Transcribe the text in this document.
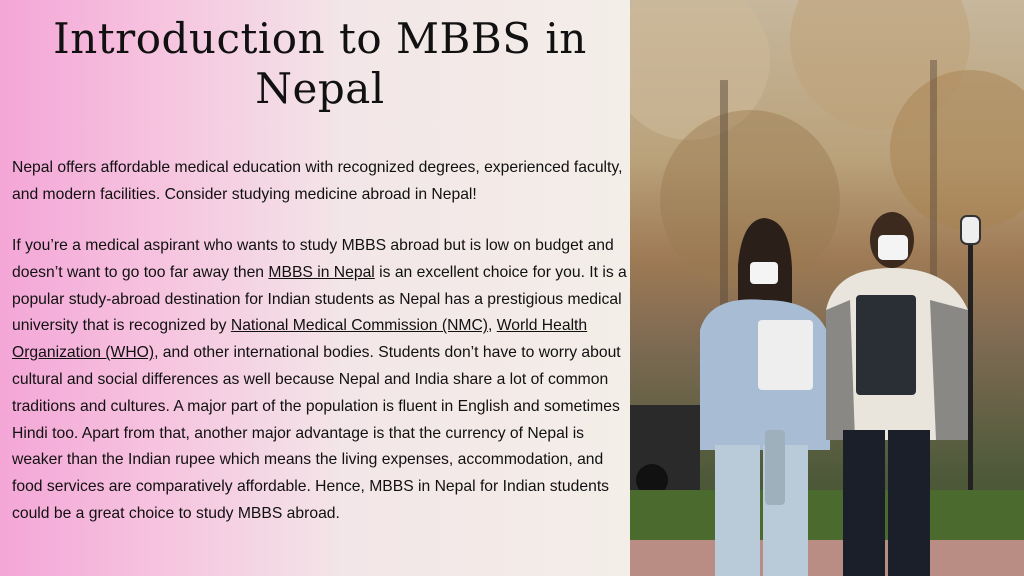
Introduction to MBBS in Nepal
Nepal offers affordable medical education with recognized degrees, experienced faculty, and modern facilities. Consider studying medicine abroad in Nepal!
If you’re a medical aspirant who wants to study MBBS abroad but is low on budget and doesn’t want to go too far away then MBBS in Nepal is an excellent choice for you. It is a popular study-abroad destination for Indian students as Nepal has a prestigious medical university that is recognized by National Medical Commission (NMC), World Health Organization (WHO), and other international bodies. Students don’t have to worry about cultural and social differences as well because Nepal and India share a lot of common traditions and cultures. A major part of the population is fluent in English and sometimes Hindi too. Apart from that, another major advantage is that the currency of Nepal is weaker than the Indian rupee which means the living expenses, accommodation, and food services are comparatively affordable. Hence, MBBS in Nepal for Indian students could be a great choice to study MBBS abroad.
